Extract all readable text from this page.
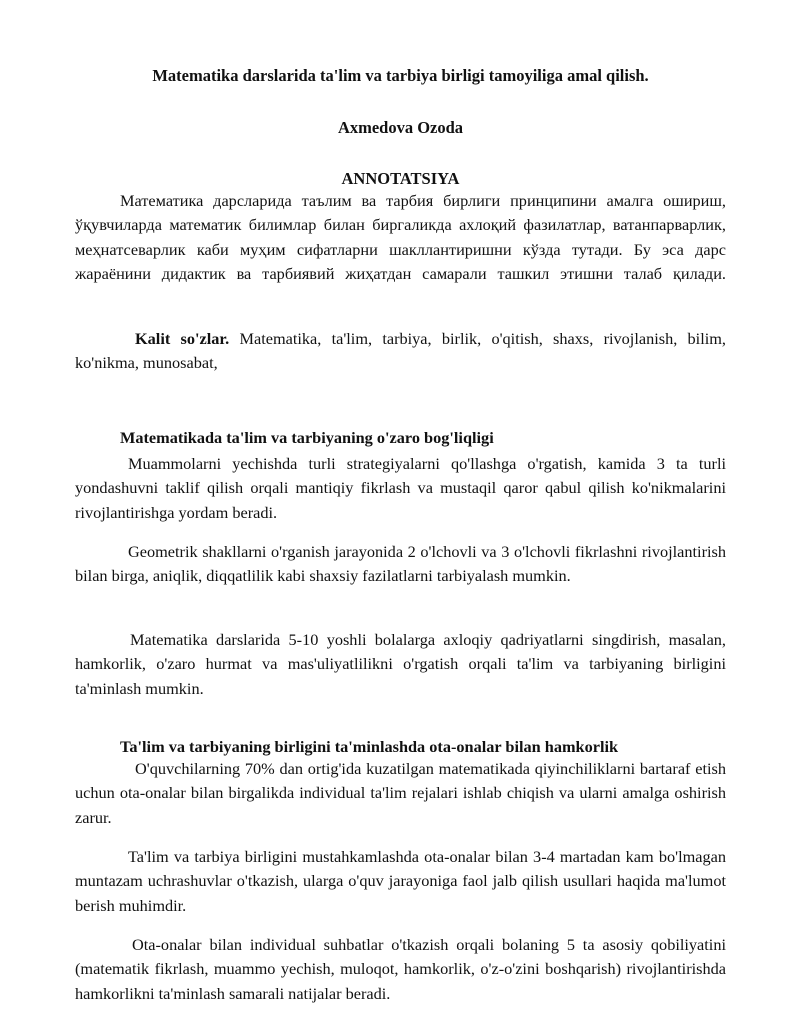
Matematika darslarida ta'lim va tarbiya birligi tamoyiliga amal qilish.
Axmedova Ozoda
ANNOTATSIYA

Математика дарсларида таълим ва тарбия бирлиги принципини амалга ошириш, ўқувчиларда математик билимлар билан биргаликда ахлоқий фазилатлар, ватанпарварлик, меҳнатсеварлик каби муҳим сифатларни шакллантиришни кўзда тутади. Бу эса дарс жараёнини дидактик ва тарбиявий жиҳатдан самарали ташкил этишни талаб қилади.

Kalit so'zlar. Matematika, ta'lim, tarbiya, birlik, o'qitish, shaxs, rivojlanish, bilim, ko'nikma, munosabat,

Matematikada ta'lim va tarbiyaning o'zaro bog'liqligi

Muammolarni yechishda turli strategiyalarni qo'llashga o'rgatish, kamida 3 ta turli yondashuvni taklif qilish orqali mantiqiy fikrlash va mustaqil qaror qabul qilish ko'nikmalarini rivojlantirishga yordam beradi.

Geometrik shakllarni o'rganish jarayonida 2 o'lchovli va 3 o'lchovli fikrlashni rivojlantirish bilan birga, aniqlik, diqqatlilik kabi shaxsiy fazilatlarni tarbiyalash mumkin.

Matematika darslarida 5-10 yoshli bolalarga axloqiy qadriyatlarni singdirish, masalan, hamkorlik, o'zaro hurmat va mas'uliyatlilikni o'rgatish orqali ta'lim va tarbiyaning birligini ta'minlash mumkin.

Ta'lim va tarbiyaning birligini ta'minlashda ota-onalar bilan hamkorlik

O'quvchilarning 70% dan ortig'ida kuzatilgan matematikada qiyinchiliklarni bartaraf etish uchun ota-onalar bilan birgalikda individual ta'lim rejalari ishlab chiqish va ularni amalga oshirish zarur.

Ta'lim va tarbiya birligini mustahkamlashda ota-onalar bilan 3-4 martadan kam bo'lmagan muntazam uchrashuvlar o'tkazish, ularga o'quv jarayoniga faol jalb qilish usullari haqida ma'lumot berish muhimdir.

Ota-onalar bilan individual suhbatlar o'tkazish orqali bolaning 5 ta asosiy qobiliyatini (matematik fikrlash, muammo yechish, muloqot, hamkorlik, o'z-o'zini boshqarish) rivojlantirishda hamkorlikni ta'minlash samarali natijalar beradi.
